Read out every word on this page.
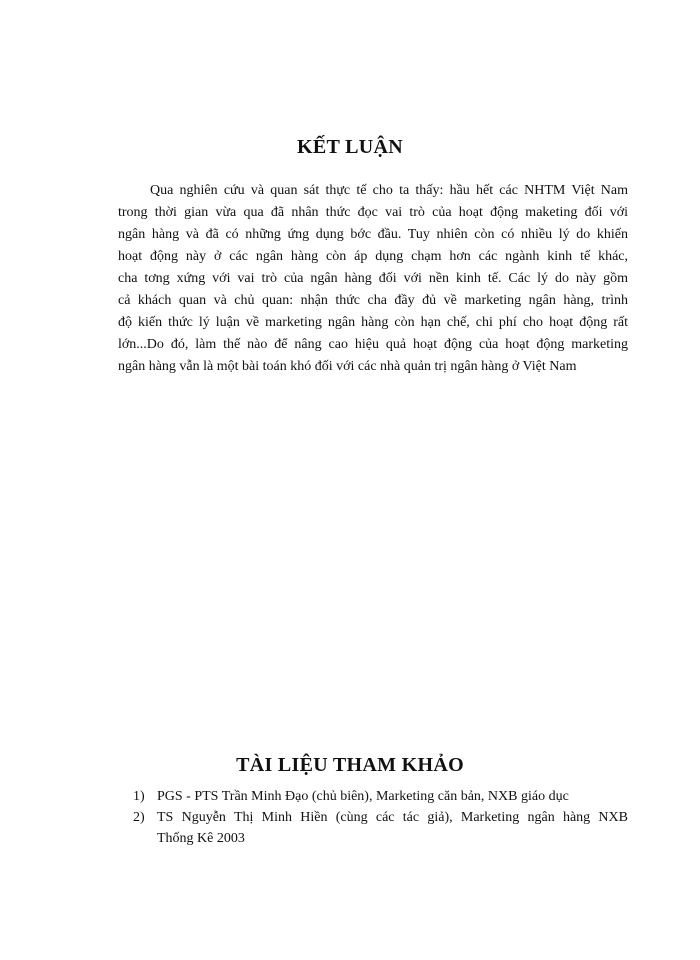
KẾT LUẬN
Qua nghiên cứu và quan sát thực tế cho ta thấy: hầu hết các NHTM Việt Nam
trong thời gian vừa qua đã nhân thức đọc vai trò của hoạt động maketing đối với
ngân hàng và đã có những ứng dụng bớc đầu. Tuy nhiên còn có nhiều lý do khiến
hoạt động này ở các ngân hàng còn áp dụng chạm hơn các ngành kinh tế khác,
cha tơng xứng với vai trò của ngân hàng đối với nền kinh tế. Các lý do này gồm
cả khách quan và chủ quan: nhận thức cha đầy đủ về marketing ngân hàng, trình
độ kiến thức lý luận về marketing ngân hàng còn hạn chế, chi phí cho hoạt động rất
lớn...Do đó, làm thế nào để nâng cao hiệu quả hoạt động của hoạt động marketing
ngân hàng vẫn là một bài toán khó đối với các nhà quản trị ngân hàng ở Việt Nam
TÀI LIỆU THAM KHẢO
1) PGS - PTS Trần Minh Đạo (chủ biên), Marketing căn bản, NXB giáo dục
2) TS Nguyễn Thị Minh Hiền (cùng các tác giả), Marketing ngân hàng NXB
Thống Kê 2003
